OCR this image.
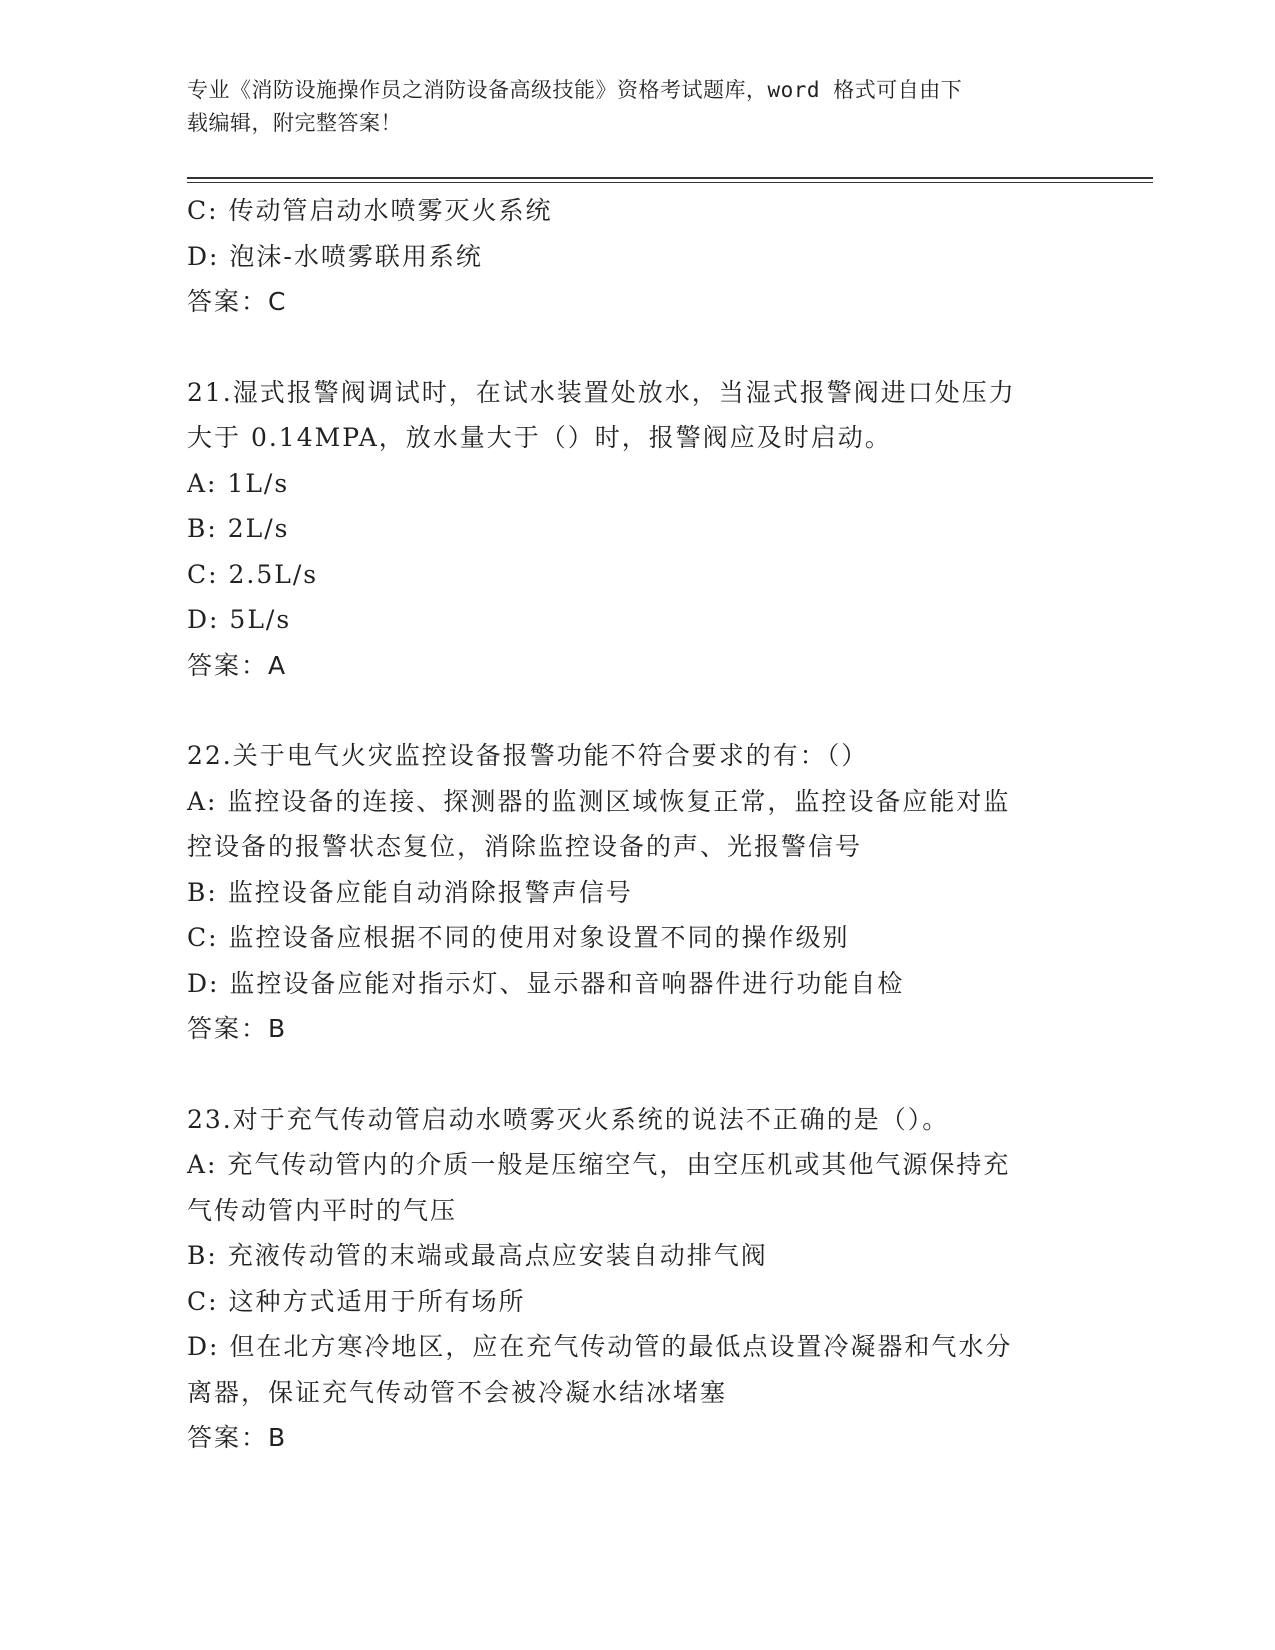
专业《消防设施操作员之消防设备高级技能》资格考试题库，word 格式可自由下
载编辑，附完整答案！
C: 传动管启动水喷雾灭火系统
D: 泡沫-水喷雾联用系统
答案：C
21.湿式报警阀调试时，在试水装置处放水，当湿式报警阀进口处压力
大于 0.14MPA，放水量大于（）时，报警阀应及时启动。
A: 1L/s
B: 2L/s
C: 2.5L/s
D: 5L/s
答案：A
22.关于电气火灾监控设备报警功能不符合要求的有：（）
A: 监控设备的连接、探测器的监测区域恢复正常，监控设备应能对监
控设备的报警状态复位，消除监控设备的声、光报警信号
B: 监控设备应能自动消除报警声信号
C: 监控设备应根据不同的使用对象设置不同的操作级别
D: 监控设备应能对指示灯、显示器和音响器件进行功能自检
答案：B
23.对于充气传动管启动水喷雾灭火系统的说法不正确的是（）。
A: 充气传动管内的介质一般是压缩空气，由空压机或其他气源保持充
气传动管内平时的气压
B: 充液传动管的末端或最高点应安装自动排气阀
C: 这种方式适用于所有场所
D: 但在北方寒冷地区，应在充气传动管的最低点设置冷凝器和气水分
离器，保证充气传动管不会被冷凝水结冰堵塞
答案：B
